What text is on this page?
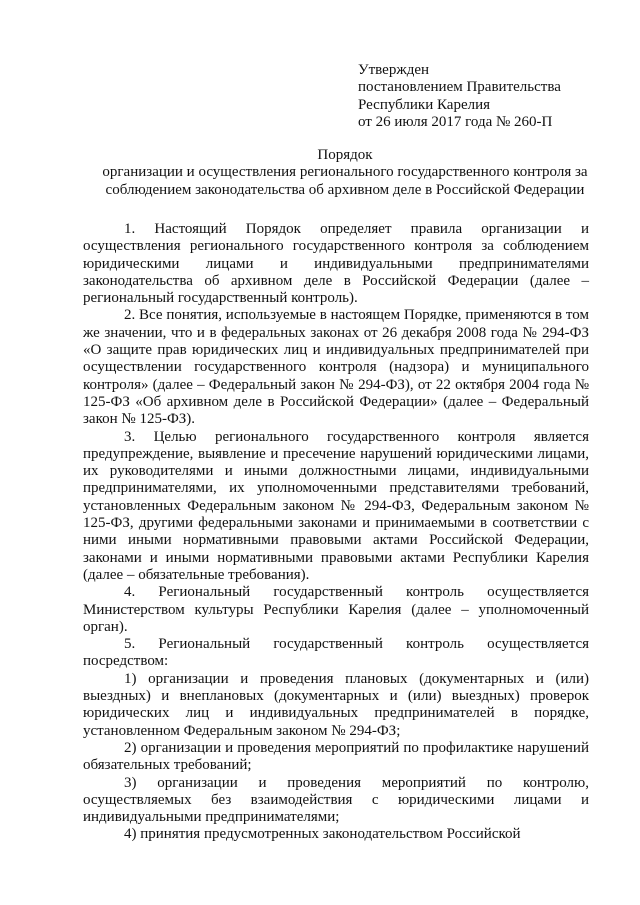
Утвержден
постановлением Правительства
Республики Карелия
от 26 июля 2017 года № 260-П
Порядок
организации и осуществления регионального государственного контроля за
соблюдением законодательства об архивном деле в Российской Федерации

1. Настоящий Порядок определяет правила организации и осуществления регионального государственного контроля за соблюдением юридическими лицами и индивидуальными предпринимателями законодательства об архивном деле в Российской Федерации (далее – региональный государственный контроль).

2. Все понятия, используемые в настоящем Порядке, применяются в том же значении, что и в федеральных законах от 26 декабря 2008 года № 294-ФЗ «О защите прав юридических лиц и индивидуальных предпринимателей при осуществлении государственного контроля (надзора) и муниципального контроля» (далее – Федеральный закон № 294-ФЗ), от 22 октября 2004 года № 125-ФЗ «Об архивном деле в Российской Федерации» (далее – Федеральный закон № 125-ФЗ).

3. Целью регионального государственного контроля является предупреждение, выявление и пресечение нарушений юридическими лицами, их руководителями и иными должностными лицами, индивидуальными предпринимателями, их уполномоченными представителями требований, установленных Федеральным законом № 294-ФЗ, Федеральным законом № 125-ФЗ, другими федеральными законами и принимаемыми в соответствии с ними иными нормативными правовыми актами Российской Федерации, законами и иными нормативными правовыми актами Республики Карелия (далее – обязательные требования).

4. Региональный государственный контроль осуществляется Министерством культуры Республики Карелия (далее – уполномоченный орган).

5. Региональный государственный контроль осуществляется посредством:

1) организации и проведения плановых (документарных и (или) выездных) и внеплановых (документарных и (или) выездных) проверок юридических лиц и индивидуальных предпринимателей в порядке, установленном Федеральным законом № 294-ФЗ;

2) организации и проведения мероприятий по профилактике нарушений обязательных требований;

3) организации и проведения мероприятий по контролю, осуществляемых без взаимодействия с юридическими лицами и индивидуальными предпринимателями;

4) принятия предусмотренных законодательством Российской
